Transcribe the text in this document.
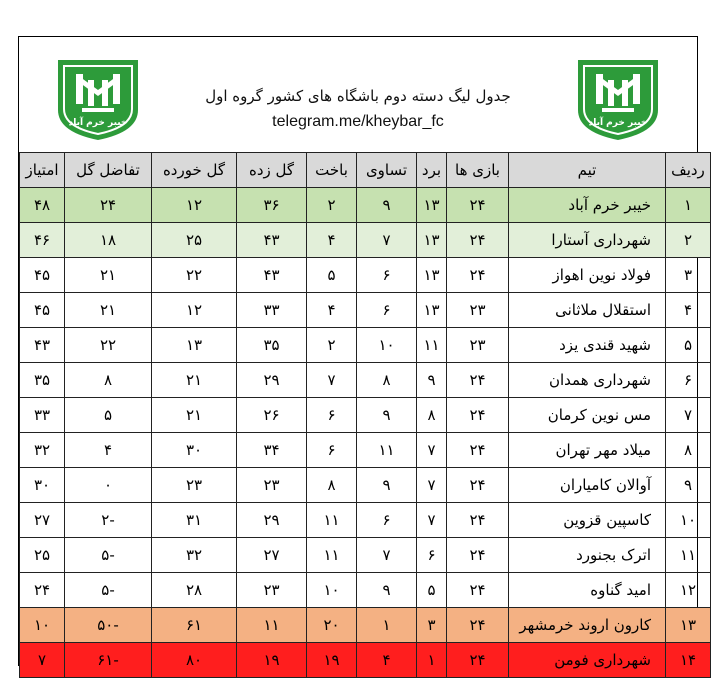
خیبر خرم آباد
جدول لیگ دسته دوم باشگاه های کشور گروه اول
telegram.me/kheybar_fc	خیبر خرم آباد
ردیف	تیم	بازی ها	برد	تساوی	باخت	گل زده	گل خورده	تفاضل گل	امتیاز
۱	خیبر خرم آباد	۲۴	۱۳	۹	۲	۳۶	۱۲	۲۴	۴۸
۲	شهرداری آستارا	۲۴	۱۳	۷	۴	۴۳	۲۵	۱۸	۴۶
۳	فولاد نوین اهواز	۲۴	۱۳	۶	۵	۴۳	۲۲	۲۱	۴۵
۴	استقلال ملاثانی	۲۳	۱۳	۶	۴	۳۳	۱۲	۲۱	۴۵
۵	شهید قندی یزد	۲۳	۱۱	۱۰	۲	۳۵	۱۳	۲۲	۴۳
۶	شهرداری همدان	۲۴	۹	۸	۷	۲۹	۲۱	۸	۳۵
۷	مس نوین کرمان	۲۴	۸	۹	۶	۲۶	۲۱	۵	۳۳
۸	میلاد مهر تهران	۲۴	۷	۱۱	۶	۳۴	۳۰	۴	۳۲
۹	آوالان کامیاران	۲۴	۷	۹	۸	۲۳	۲۳	۰	۳۰
۱۰	کاسپین قزوین	۲۴	۷	۶	۱۱	۲۹	۳۱	-۲	۲۷
۱۱	اترک بجنورد	۲۴	۶	۷	۱۱	۲۷	۳۲	-۵	۲۵
۱۲	امید گناوه	۲۴	۵	۹	۱۰	۲۳	۲۸	-۵	۲۴
۱۳	کارون اروند خرمشهر	۲۴	۳	۱	۲۰	۱۱	۶۱	-۵۰	۱۰
۱۴	شهرداری فومن	۲۴	۱	۴	۱۹	۱۹	۸۰	-۶۱	۷
